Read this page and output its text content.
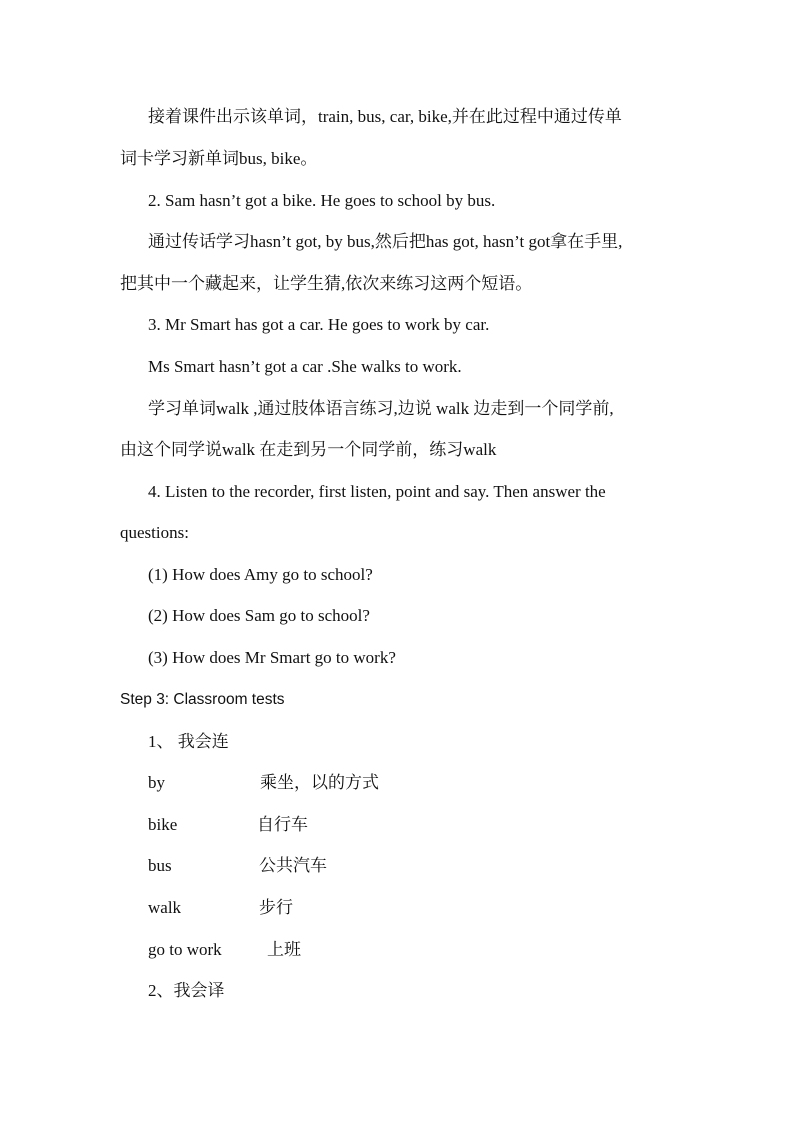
接着课件出示该单词，train, bus, car, bike,并在此过程中通过传单
词卡学习新单词bus, bike。
2. Sam hasn’t got a bike. He goes to school by bus.
通过传话学习hasn’t got, by bus,然后把has got, hasn’t got拿在手里,
把其中一个藏起来，让学生猜,依次来练习这两个短语。
3. Mr Smart has got a car. He goes to work by car.
Ms Smart hasn’t got a car .She walks to work.
学习单词walk ,通过肢体语言练习,边说 walk 边走到一个同学前,
由这个同学说walk 在走到另一个同学前，练习walk
4. Listen to the recorder, first listen, point and say. Then answer the
questions:
(1) How does Amy go to school?
(2) How does Sam go to school?
(3) How does Mr Smart go to work?
Step 3: Classroom tests
1、 我会连
by	乘坐，以的方式
bike	自行车
bus	公共汽车
walk	步行
go to work	上班
2、我会译
